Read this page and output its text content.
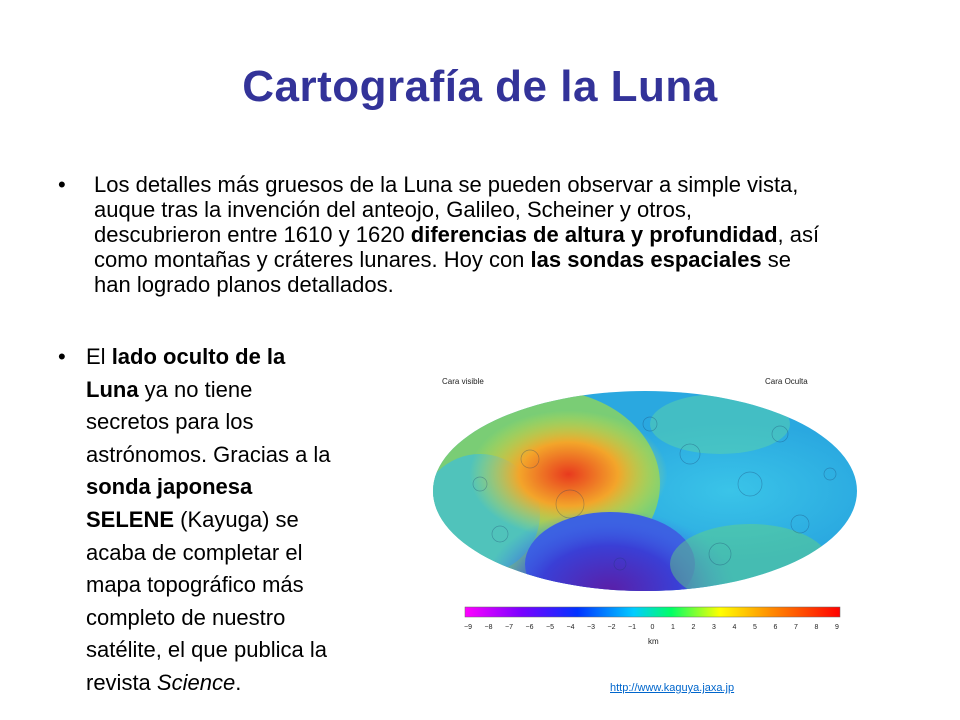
Cartografía de la Luna
• Los detalles más gruesos de la Luna se pueden observar a simple vista,
auque tras la invención del anteojo, Galileo, Scheiner y otros,
descubrieron entre 1610 y 1620 diferencias de altura y profundidad, así
como montañas y cráteres lunares. Hoy con las sondas espaciales se
han logrado planos detallados.
• El lado oculto de la
Luna ya no tiene
secretos para los
astrónomos. Gracias a la
sonda japonesa
SELENE (Kayuga) se
acaba de completar el
mapa topográfico más
completo de nuestro
satélite, el que publica la
revista Science.
Cara visible	Cara Oculta
−9 −8 −7 −6 −5 −4 −3 −2 −1 0 1 2 3 4 5 6 7 8 9
km
http://www.kaguya.jaxa.jp
